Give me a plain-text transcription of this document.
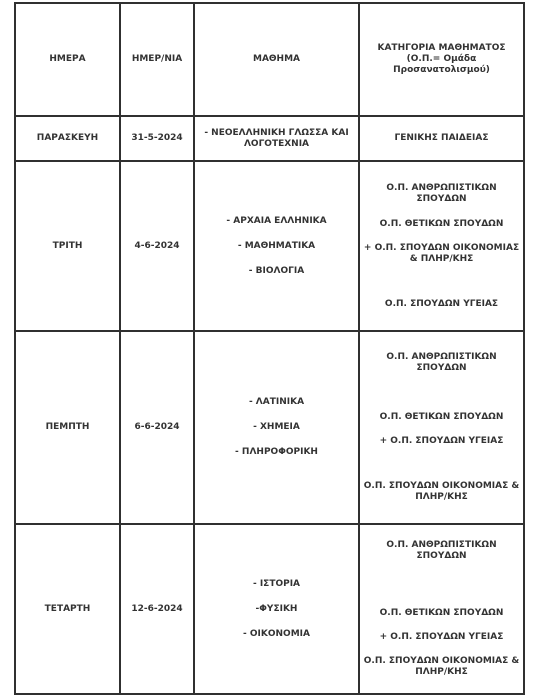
ΗΜΕΡΑ	ΗΜΕΡ/ΝΙΑ	ΜΑΘΗΜΑ	ΚΑΤΗΓΟΡΙΑ ΜΑΘΗΜΑΤΟΣ
(Ο.Π.= Ομάδα
Προσανατολισμού)

ΠΑΡΑΣΚΕΥΗ	31-5-2024	- ΝΕΟΕΛΛΗΝΙΚΗ ΓΛΩΣΣΑ ΚΑΙ ΛΟΓΟΤΕΧΝΙΑ	ΓΕΝΙΚΗΣ ΠΑΙΔΕΙΑΣ

ΤΡΙΤΗ	4-6-2024	- ΑΡΧΑΙΑ ΕΛΛΗΝΙΚΑ
- ΜΑΘΗΜΑΤΙΚΑ
- ΒΙΟΛΟΓΙΑ	Ο.Π. ΑΝΘΡΩΠΙΣΤΙΚΩΝ ΣΠΟΥΔΩΝ
Ο.Π. ΘΕΤΙΚΩΝ ΣΠΟΥΔΩΝ
+ Ο.Π. ΣΠΟΥΔΩΝ ΟΙΚΟΝΟΜΙΑΣ & ΠΛΗΡ/ΚΗΣ
Ο.Π. ΣΠΟΥΔΩΝ ΥΓΕΙΑΣ

ΠΕΜΠΤΗ	6-6-2024	- ΛΑΤΙΝΙΚΑ
- ΧΗΜΕΙΑ
- ΠΛΗΡΟΦΟΡΙΚΗ	Ο.Π. ΑΝΘΡΩΠΙΣΤΙΚΩΝ ΣΠΟΥΔΩΝ
Ο.Π. ΘΕΤΙΚΩΝ ΣΠΟΥΔΩΝ
+ Ο.Π. ΣΠΟΥΔΩΝ ΥΓΕΙΑΣ
Ο.Π. ΣΠΟΥΔΩΝ ΟΙΚΟΝΟΜΙΑΣ & ΠΛΗΡ/ΚΗΣ

ΤΕΤΑΡΤΗ	12-6-2024	- ΙΣΤΟΡΙΑ
-ΦΥΣΙΚΗ
- ΟΙΚΟΝΟΜΙΑ	Ο.Π. ΑΝΘΡΩΠΙΣΤΙΚΩΝ ΣΠΟΥΔΩΝ
Ο.Π. ΘΕΤΙΚΩΝ ΣΠΟΥΔΩΝ
+ Ο.Π. ΣΠΟΥΔΩΝ ΥΓΕΙΑΣ
Ο.Π. ΣΠΟΥΔΩΝ ΟΙΚΟΝΟΜΙΑΣ & ΠΛΗΡ/ΚΗΣ
